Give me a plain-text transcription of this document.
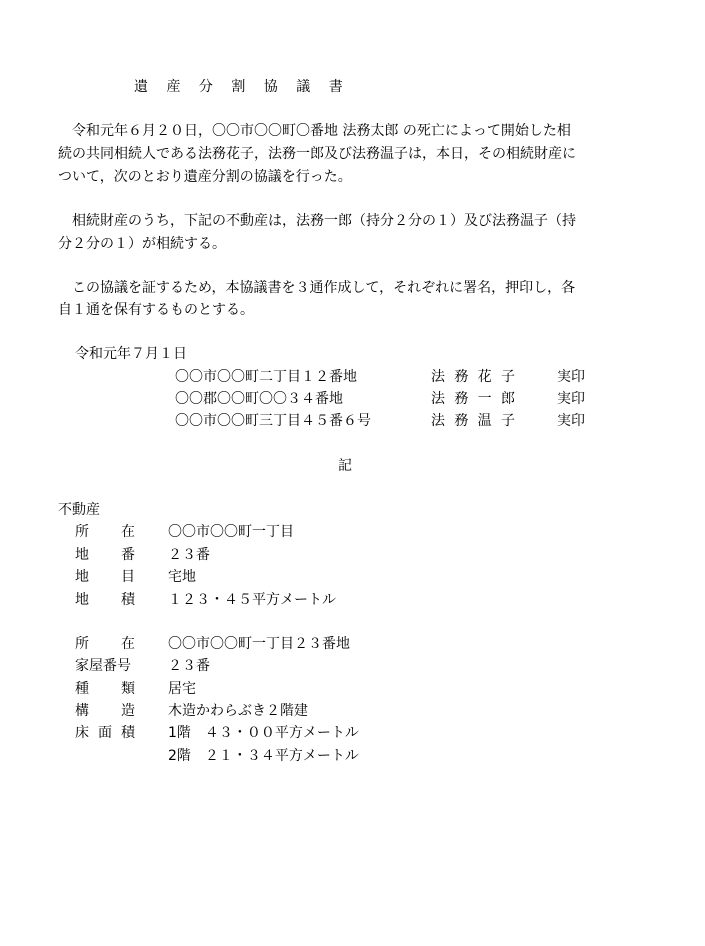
遺 産 分 割 協 議 書
　令和元年６月２０日，〇〇市〇〇町〇番地 法務太郎 の死亡によって開始した相
続の共同相続人である法務花子，法務一郎及び法務温子は，本日，その相続財産に
ついて，次のとおり遺産分割の協議を行った。
　相続財産のうち，下記の不動産は，法務一郎（持分２分の１）及び法務温子（持
分２分の１）が相続する。
　この協議を証するため，本協議書を３通作成して，それぞれに署名，押印し，各
自１通を保有するものとする。
令和元年７月１日
〇〇市〇〇町二丁目１２番地	法 務 花 子	実印
〇〇郡〇〇町〇〇３４番地	法 務 一 郎	実印
〇〇市〇〇町三丁目４５番６号	法 務 温 子	実印
記
不動産
所 在 〇〇市〇〇町一丁目
地 番 ２３番
地 目 宅地
地 積 １２３・４５平方メートル
所 在 〇〇市〇〇町一丁目２３番地
家屋番号	２３番
種 類 居宅
構 造 木造かわらぶき２階建
床 面 積 1階　４３・００平方メートル
2階　２１・３４平方メートル
